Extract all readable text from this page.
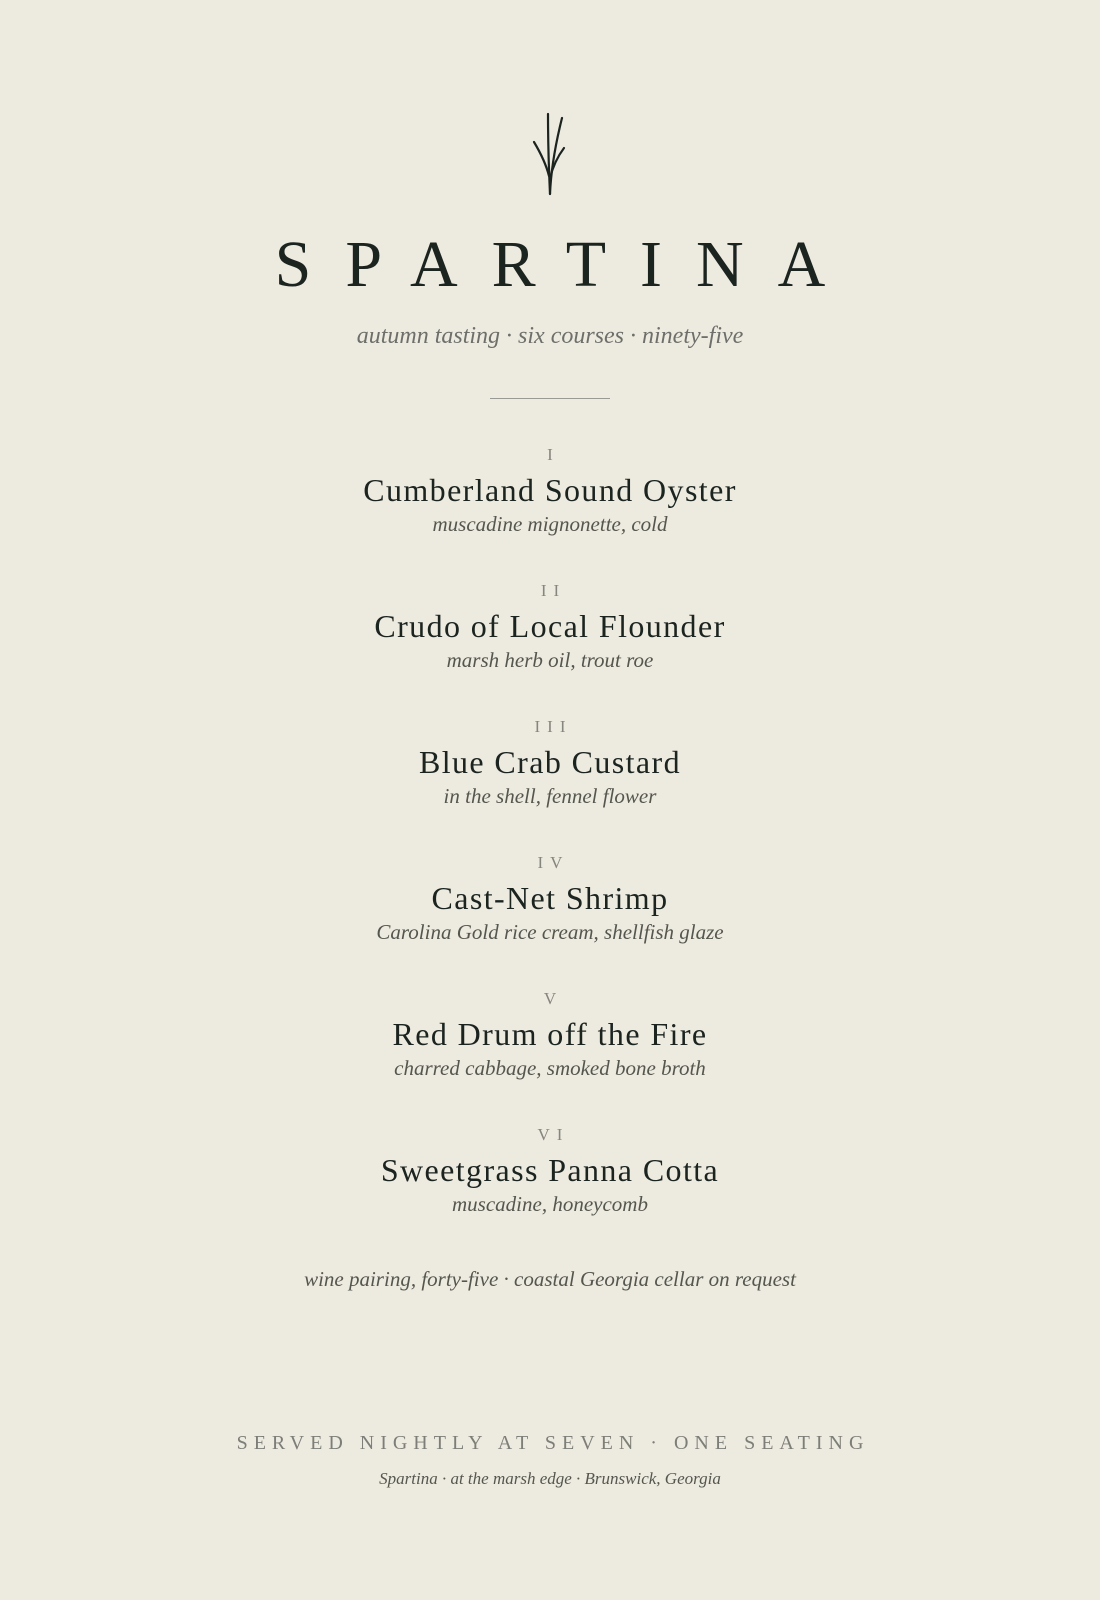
SPARTINA
autumn tasting · six courses · ninety-five
I
Cumberland Sound Oyster
muscadine mignonette, cold
II
Crudo of Local Flounder
marsh herb oil, trout roe
III
Blue Crab Custard
in the shell, fennel flower
IV
Cast-Net Shrimp
Carolina Gold rice cream, shellfish glaze
V
Red Drum off the Fire
charred cabbage, smoked bone broth
VI
Sweetgrass Panna Cotta
muscadine, honeycomb
wine pairing, forty-five · coastal Georgia cellar on request
SERVED NIGHTLY AT SEVEN · ONE SEATING
Spartina · at the marsh edge · Brunswick, Georgia
